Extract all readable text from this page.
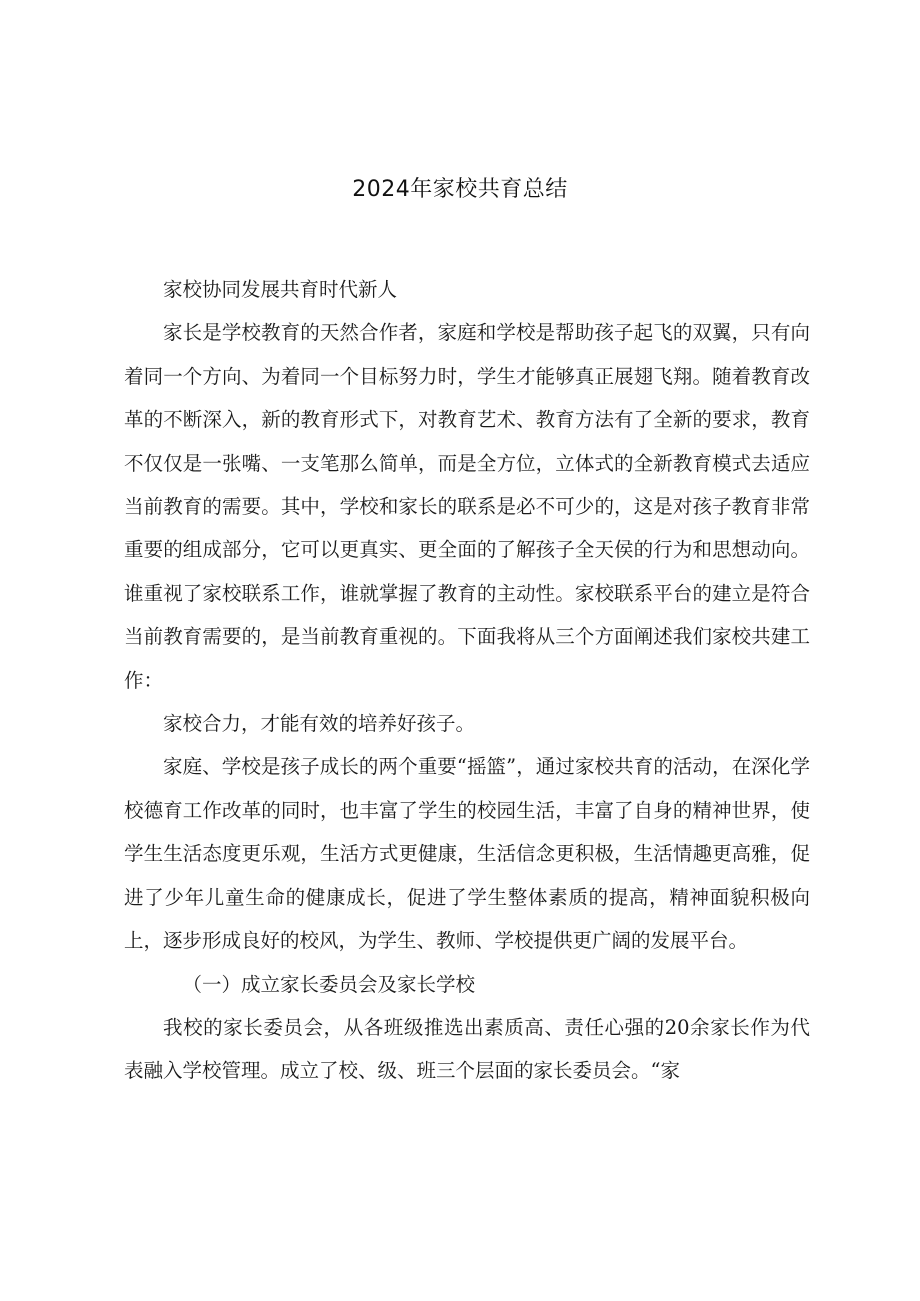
2024年家校共育总结

家校协同发展共育时代新人

家长是学校教育的天然合作者，家庭和学校是帮助孩子起飞的双翼，只有向着同一个方向、为着同一个目标努力时，学生才能够真正展翅飞翔。随着教育改革的不断深入，新的教育形式下，对教育艺术、教育方法有了全新的要求，教育不仅仅是一张嘴、一支笔那么简单，而是全方位，立体式的全新教育模式去适应当前教育的需要。其中，学校和家长的联系是必不可少的，这是对孩子教育非常重要的组成部分，它可以更真实、更全面的了解孩子全天侯的行为和思想动向。谁重视了家校联系工作，谁就掌握了教育的主动性。家校联系平台的建立是符合当前教育需要的，是当前教育重视的。下面我将从三个方面阐述我们家校共建工作：

家校合力，才能有效的培养好孩子。

家庭、学校是孩子成长的两个重要“摇篮”，通过家校共育的活动，在深化学校德育工作改革的同时，也丰富了学生的校园生活，丰富了自身的精神世界，使学生生活态度更乐观，生活方式更健康，生活信念更积极，生活情趣更高雅，促进了少年儿童生命的健康成长，促进了学生整体素质的提高，精神面貌积极向上，逐步形成良好的校风，为学生、教师、学校提供更广阔的发展平台。

（一）成立家长委员会及家长学校

我校的家长委员会，从各班级推选出素质高、责任心强的20余家长作为代表融入学校管理。成立了校、级、班三个层面的家长委员会。“家
